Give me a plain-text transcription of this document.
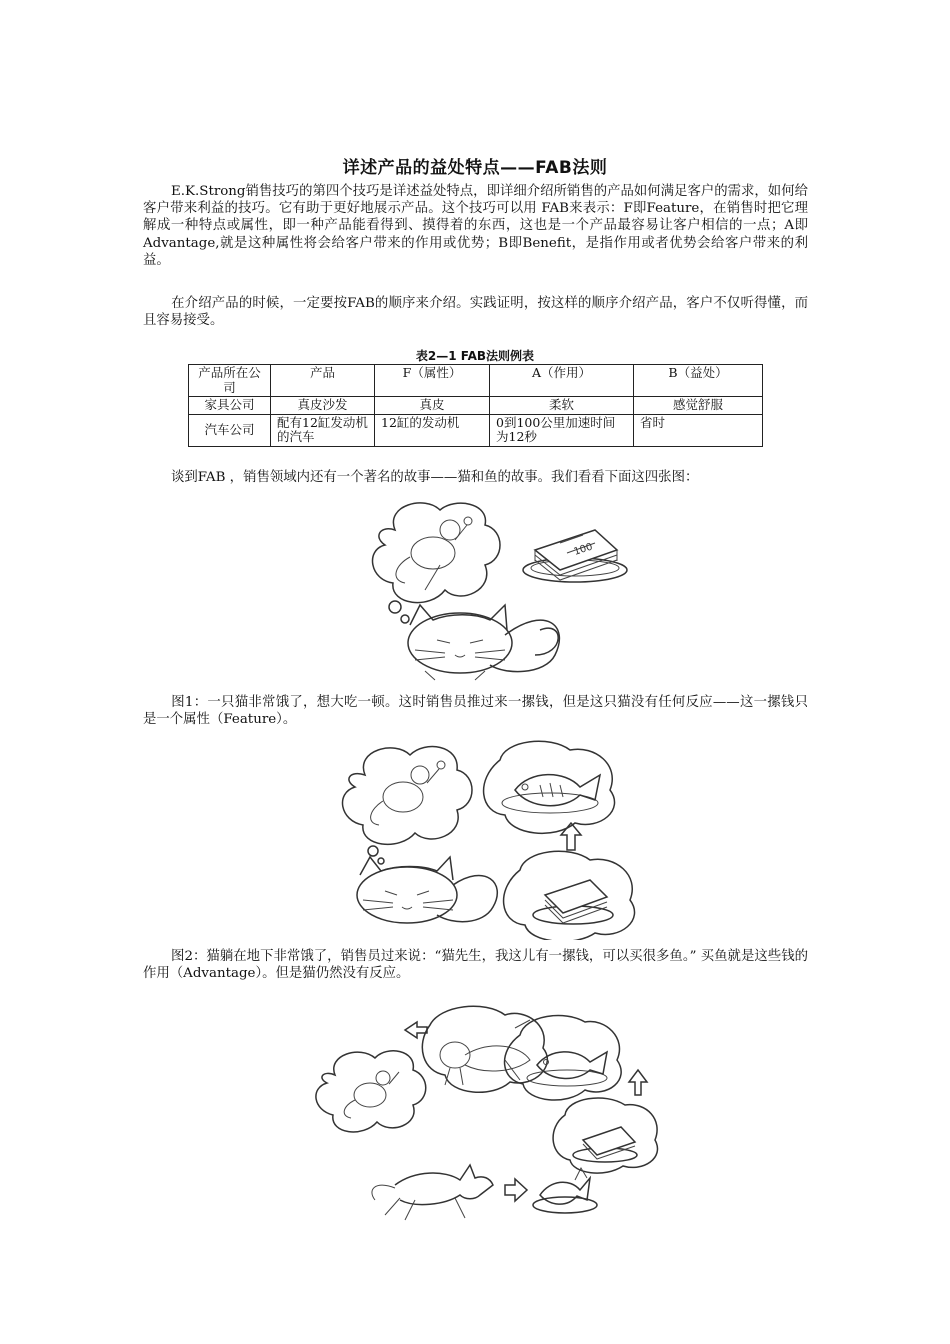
详述产品的益处特点——FAB法则
E.K.Strong销售技巧的第四个技巧是详述益处特点，即详细介绍所销售的产品如何满足客户的需求，如何给客户带来利益的技巧。它有助于更好地展示产品。这个技巧可以用 FAB来表示：F即Feature，在销售时把它理解成一种特点或属性，即一种产品能看得到、摸得着的东西，这也是一个产品最容易让客户相信的一点；A即Advantage,就是这种属性将会给客户带来的作用或优势；B即Benefit，是指作用或者优势会给客户带来的利益。
在介绍产品的时候，一定要按FAB的顺序来介绍。实践证明，按这样的顺序介绍产品，客户不仅听得懂，而且容易接受。
表2—1 FAB法则例表
产品所在公司	产品	F（属性）	A（作用）	B（益处）
家具公司	真皮沙发	真皮	柔软	感觉舒服
汽车公司	配有12缸发动机的汽车	12缸的发动机	0到100公里加速时间为12秒	省时
谈到FAB ，销售领域内还有一个著名的故事——猫和鱼的故事。我们看看下面这四张图：
100
图1：一只猫非常饿了，想大吃一顿。这时销售员推过来一摞钱，但是这只猫没有任何反应——这一摞钱只是一个属性（Feature）。
图2：猫躺在地下非常饿了，销售员过来说：“猫先生，我这儿有一摞钱，可以买很多鱼。” 买鱼就是这些钱的作用（Advantage）。但是猫仍然没有反应。
